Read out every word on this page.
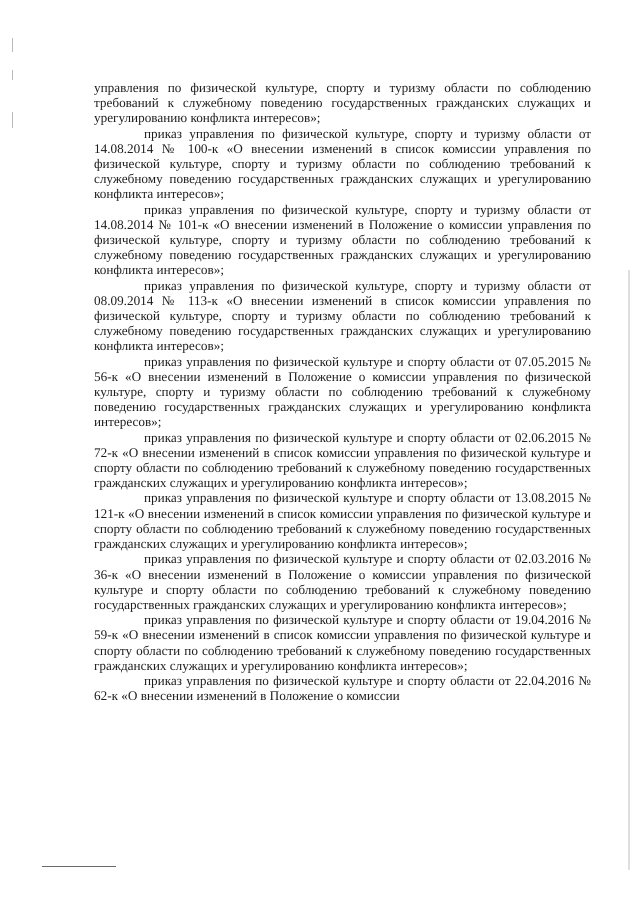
управления по физической культуре, спорту и туризму области по соблюдению требований к служебному поведению государственных гражданских служащих и урегулированию конфликта интересов»;

приказ управления по физической культуре, спорту и туризму области от 14.08.2014 № 100-к «О внесении изменений в список комиссии управления по физической культуре, спорту и туризму области по соблюдению требований к служебному поведению государственных гражданских служащих и урегулированию конфликта интересов»;

приказ управления по физической культуре, спорту и туризму области от 14.08.2014 № 101-к «О внесении изменений в Положение о комиссии управления по физической культуре, спорту и туризму области по соблюдению требований к служебному поведению государственных гражданских служащих и урегулированию конфликта интересов»;

приказ управления по физической культуре, спорту и туризму области от 08.09.2014 № 113-к «О внесении изменений в список комиссии управления по физической культуре, спорту и туризму области по соблюдению требований к служебному поведению государственных гражданских служащих и урегулированию конфликта интересов»;

приказ управления по физической культуре и спорту области от 07.05.2015 № 56-к «О внесении изменений в Положение о комиссии управления по физической культуре, спорту и туризму области по соблюдению требований к служебному поведению государственных гражданских служащих и урегулированию конфликта интересов»;

приказ управления по физической культуре и спорту области от 02.06.2015 № 72-к «О внесении изменений в список комиссии управления по физической культуре и спорту области по соблюдению требований к служебному поведению государственных гражданских служащих и урегулированию конфликта интересов»;

приказ управления по физической культуре и спорту области от 13.08.2015 № 121-к «О внесении изменений в список комиссии управления по физической культуре и спорту области по соблюдению требований к служебному поведению государственных гражданских служащих и урегулированию конфликта интересов»;

приказ управления по физической культуре и спорту области от 02.03.2016 № 36-к «О внесении изменений в Положение о комиссии управления по физической культуре и спорту области по соблюдению требований к служебному поведению государственных гражданских служащих и урегулированию конфликта интересов»;

приказ управления по физической культуре и спорту области от 19.04.2016 № 59-к «О внесении изменений в список комиссии управления по физической культуре и спорту области по соблюдению требований к служебному поведению государственных гражданских служащих и урегулированию конфликта интересов»;

приказ управления по физической культуре и спорту области от 22.04.2016 № 62-к «О внесении изменений в Положение о комиссии
